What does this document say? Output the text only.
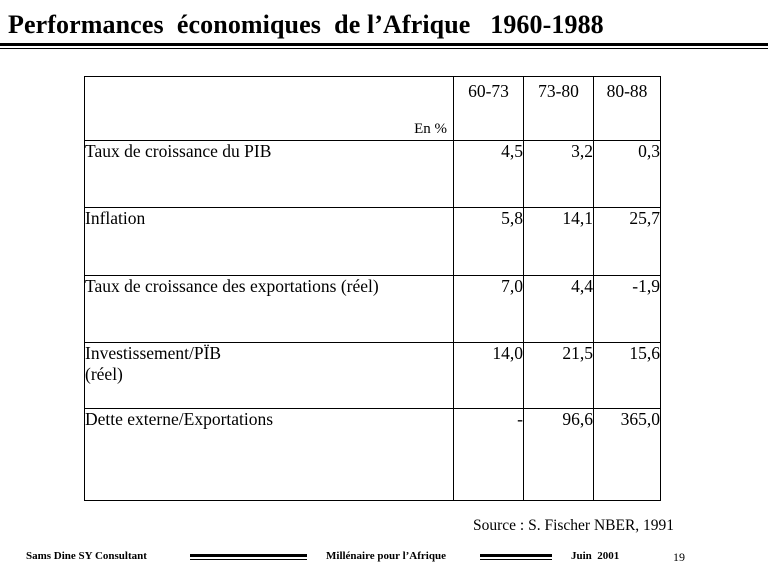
Performances  économiques  de l’Afrique   1960-1988
En %	60-73	73-80	80-88
Taux de croissance du PIB	4,5	3,2	0,3
Inflation	5,8	14,1	25,7
Taux de croissance des exportations (réel)	7,0	4,4	-1,9

Investissement/PÏB
(réel)	14,0	21,5	15,6
Dette externe/Exportations	-	96,6	365,0
Source : S. Fischer NBER, 1991
Sams Dine SY Consultant	Millénaire pour l’Afrique	Juin  2001	19
